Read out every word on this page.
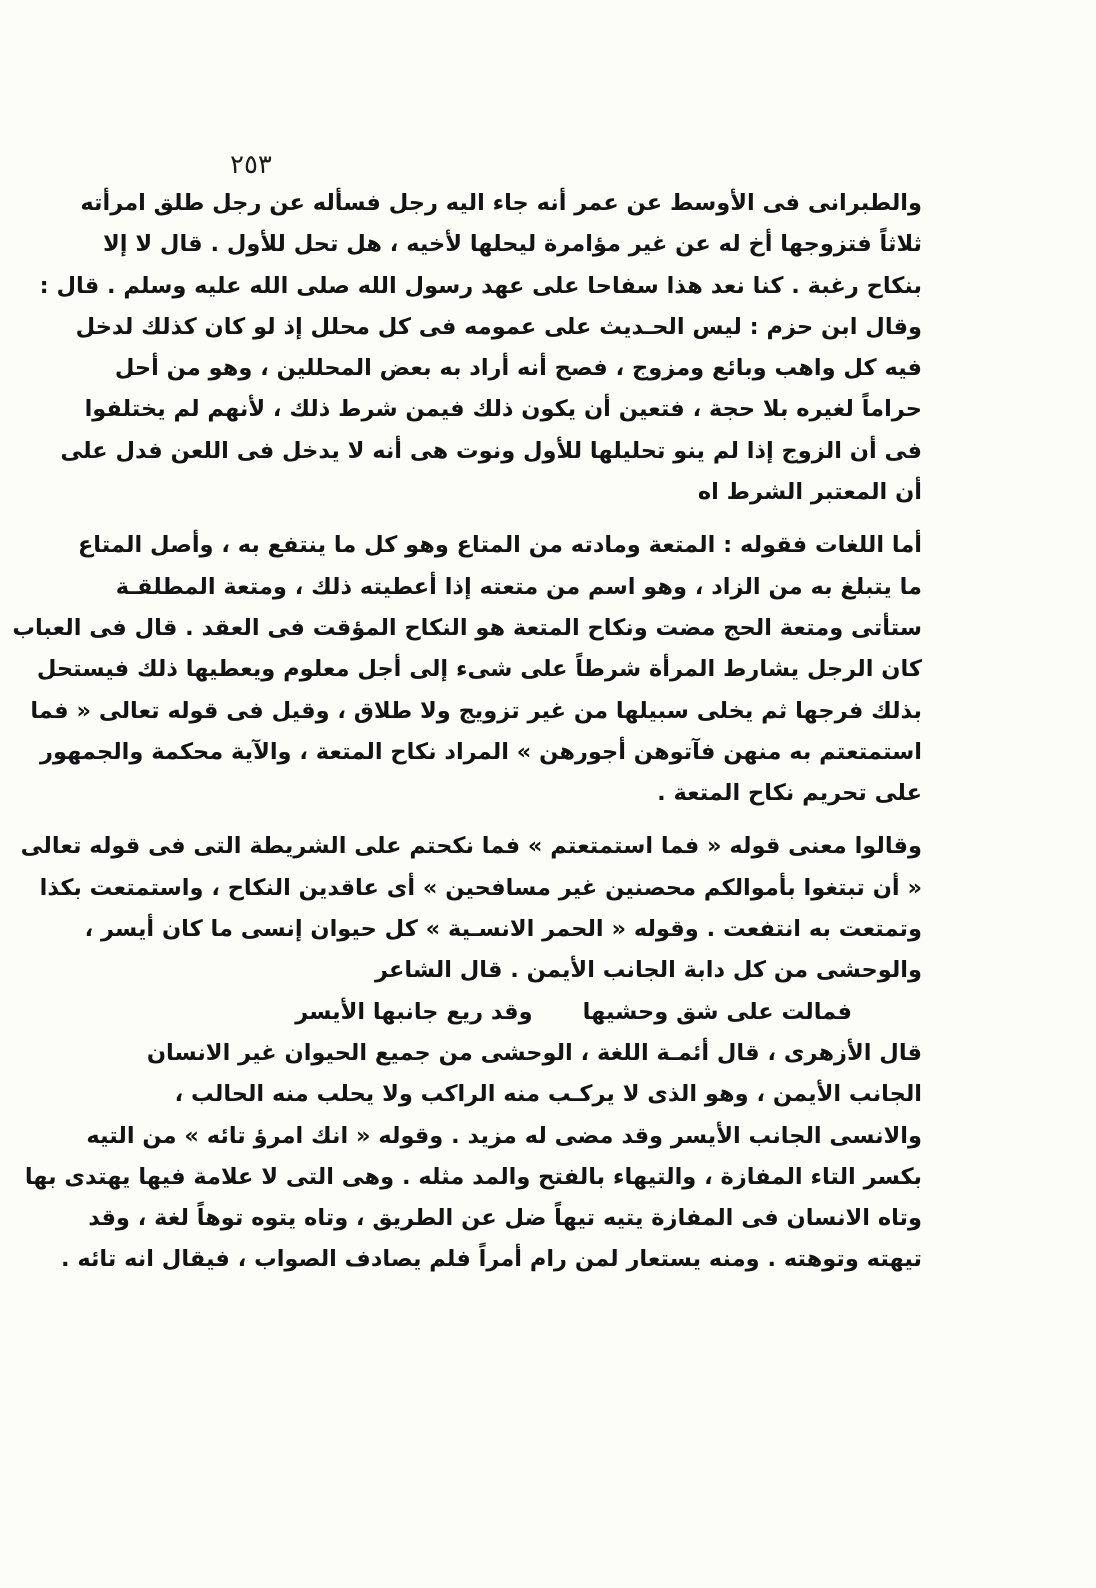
٢٥٣
والطبرانى فى الأوسط عن عمر أنه جاء اليه رجل فسأله عن رجل طلق امرأته
ثلاثاً فتزوجها أخ له عن غير مؤامرة ليحلها لأخيه ، هل تحل للأول . قال لا إلا
بنكاح رغبة . كنا نعد هذا سفاحا على عهد رسول الله صلى الله عليه وسلم . قال :
وقال ابن حزم : ليس الحـديث على عمومه فى كل محلل إذ لو كان كذلك لدخل
فيه كل واهب وبائع ومزوج ، فصح أنه أراد به بعض المحللين ، وهو من أحل
حراماً لغيره بلا حجة ، فتعين أن يكون ذلك فيمن شرط ذلك ، لأنهم لم يختلفوا
فى أن الزوج إذا لم ينو تحليلها للأول ونوت هى أنه لا يدخل فى اللعن فدل على
أن المعتبر الشرط اه
أما اللغات فقوله : المتعة ومادته من المتاع وهو كل ما ينتفع به ، وأصل المتاع
ما يتبلغ به من الزاد ، وهو اسم من متعته إذا أعطيته ذلك ، ومتعة المطلقـة
ستأتى ومتعة الحج مضت ونكاح المتعة هو النكاح المؤقت فى العقد . قال فى العباب
كان الرجل يشارط المرأة شرطاً على شىء إلى أجل معلوم ويعطيها ذلك فيستحل
بذلك فرجها ثم يخلى سبيلها من غير تزويج ولا طلاق ، وقيل فى قوله تعالى « فما
استمتعتم به منهن فآتوهن أجورهن » المراد نكاح المتعة ، والآية محكمة والجمهور
على تحريم نكاح المتعة .
وقالوا معنى قوله « فما استمتعتم » فما نكحتم على الشريطة التى فى قوله تعالى
« أن تبتغوا بأموالكم محصنين غير مسافحين » أى عاقدين النكاح ، واستمتعت بكذا
وتمتعت به انتفعت . وقوله « الحمر الانسـية » كل حيوان إنسى ما كان أيسر ،
والوحشى من كل دابة الجانب الأيمن . قال الشاعر
فمالت على شق وحشيهاوقد ريع جانبها الأيسر
قال الأزهرى ، قال أئمـة اللغة ، الوحشى من جميع الحيوان غير الانسان
الجانب الأيمن ، وهو الذى لا يركـب منه الراكب ولا يحلب منه الحالب ،
والانسى الجانب الأيسر وقد مضى له مزيد . وقوله « انك امرؤ تائه » من التيه
بكسر التاء المفازة ، والتيهاء بالفتح والمد مثله . وهى التى لا علامة فيها يهتدى بها
وتاه الانسان فى المفازة يتيه تيهاً ضل عن الطريق ، وتاه يتوه توهاً لغة ، وقد
تيهته وتوهته . ومنه يستعار لمن رام أمراً فلم يصادف الصواب ، فيقال انه تائه .
